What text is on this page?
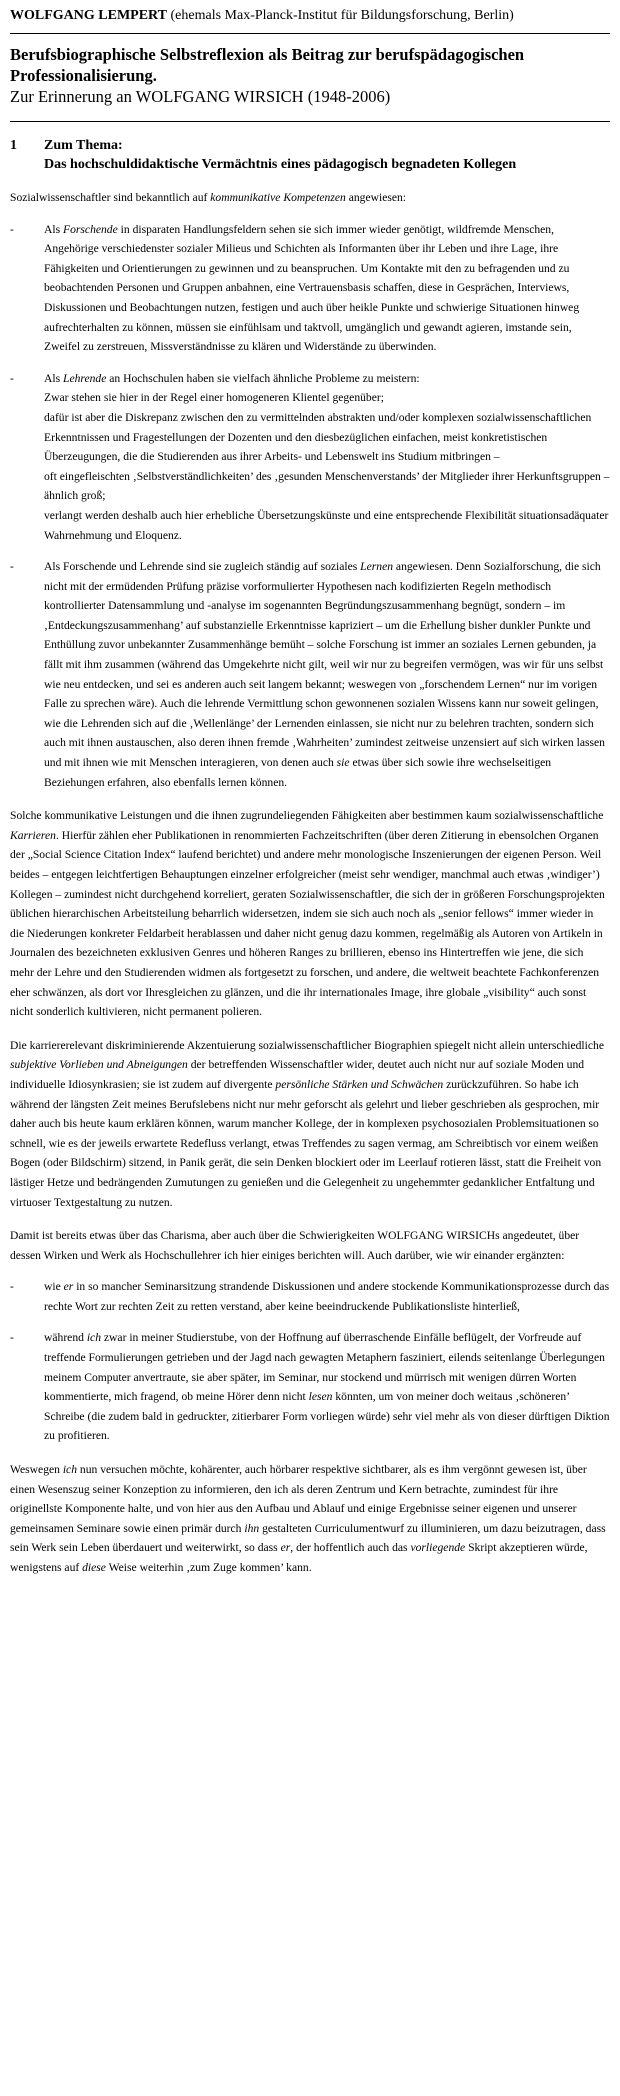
WOLFGANG LEMPERT (ehemals Max-Planck-Institut für Bildungsforschung, Berlin)
Berufsbiographische Selbstreflexion als Beitrag zur berufspädagogischen Professionalisierung.
Zur Erinnerung an WOLFGANG WIRSICH (1948-2006)
1	Zum Thema:
Das hochschuldidaktische Vermächtnis eines pädagogisch begnadeten Kollegen

Sozialwissenschaftler sind bekanntlich auf kommunikative Kompetenzen angewiesen:

-	Als Forschende in disparaten Handlungsfeldern sehen sie sich immer wieder genötigt, wildfremde Menschen, Angehörige verschiedenster sozialer Milieus und Schichten als Informanten über ihr Leben und ihre Lage, ihre Fähigkeiten und Orientierungen zu gewinnen und zu beanspruchen. Um Kontakte mit den zu befragenden und zu beobachtenden Personen und Gruppen anbahnen, eine Vertrauensbasis schaffen, diese in Gesprächen, Interviews, Diskussionen und Beobachtungen nutzen, festigen und auch über heikle Punkte und schwierige Situationen hinweg aufrechterhalten zu können, müssen sie einfühlsam und taktvoll, umgänglich und gewandt agieren, imstande sein, Zweifel zu zerstreuen, Missverständnisse zu klären und Widerstände zu überwinden.

-	Als Lehrende an Hochschulen haben sie vielfach ähnliche Probleme zu meistern:
Zwar stehen sie hier in der Regel einer homogeneren Klientel gegenüber;
dafür ist aber die Diskrepanz zwischen den zu vermittelnden abstrakten und/oder komplexen sozialwissenschaftlichen Erkenntnissen und Fragestellungen der Dozenten und den diesbezüglichen einfachen, meist konkretistischen Überzeugungen, die die Studierenden aus ihrer Arbeits- und Lebenswelt ins Studium mitbringen –
oft eingefleischten ‚Selbstverständlichkeiten’ des ‚gesunden Menschenverstands’ der Mitglieder ihrer Herkunftsgruppen – ähnlich groß;
verlangt werden deshalb auch hier erhebliche Übersetzungskünste und eine entsprechende Flexibilität situationsadäquater Wahrnehmung und Eloquenz.
-	Als Forschende und Lehrende sind sie zugleich ständig auf soziales Lernen angewiesen. Denn Sozialforschung, die sich nicht mit der ermüdenden Prüfung präzise vorformulierter Hypothesen nach kodifizierten Regeln methodisch kontrollierter Datensammlung und -analyse im sogenannten Begründungszusammenhang begnügt, sondern – im ‚Entdeckungszusammenhang’ auf substanzielle Erkenntnisse kapriziert – um die Erhellung bisher dunkler Punkte und Enthüllung zuvor unbekannter Zusammenhänge bemüht – solche Forschung ist immer an soziales Lernen gebunden, ja fällt mit ihm zusammen (während das Umgekehrte nicht gilt, weil wir nur zu begreifen vermögen, was wir für uns selbst wie neu entdecken, und sei es anderen auch seit langem bekannt; weswegen von „forschendem Lernen“ nur im vorigen Falle zu sprechen wäre). Auch die lehrende Vermittlung schon gewonnenen sozialen Wissens kann nur soweit gelingen, wie die Lehrenden sich auf die ‚Wellenlänge’ der Lernenden einlassen, sie nicht nur zu belehren trachten, sondern sich auch mit ihnen austauschen, also deren ihnen fremde ‚Wahrheiten’ zumindest zeitweise unzensiert auf sich wirken lassen und mit ihnen wie mit Menschen interagieren, von denen auch sie etwas über sich sowie ihre wechselseitigen Beziehungen erfahren, also ebenfalls lernen können.

Solche kommunikative Leistungen und die ihnen zugrundeliegenden Fähigkeiten aber bestimmen kaum sozialwissenschaftliche Karrieren. Hierfür zählen eher Publikationen in renommierten Fachzeitschriften (über deren Zitierung in ebensolchen Organen der „Social Science Citation Index“ laufend berichtet) und andere mehr monologische Inszenierungen der eigenen Person. Weil beides – entgegen leichtfertigen Behauptungen einzelner erfolgreicher (meist sehr wendiger, manchmal auch etwas ‚windiger’) Kollegen – zumindest nicht durchgehend korreliert, geraten Sozialwissenschaftler, die sich der in größeren Forschungsprojekten üblichen hierarchischen Arbeitsteilung beharrlich widersetzen, indem sie sich auch noch als „senior fellows“ immer wieder in die Niederungen konkreter Feldarbeit herablassen und daher nicht genug dazu kommen, regelmäßig als Autoren von Artikeln in Journalen des bezeichneten exklusiven Genres und höheren Ranges zu brillieren, ebenso ins Hintertreffen wie jene, die sich mehr der Lehre und den Studierenden widmen als fortgesetzt zu forschen, und andere, die weltweit beachtete Fachkonferenzen eher schwänzen, als dort vor Ihresgleichen zu glänzen, und die ihr internationales Image, ihre globale „visibility“ auch sonst nicht sonderlich kultivieren, nicht permanent polieren.

Die karriererelevant diskriminierende Akzentuierung sozialwissenschaftlicher Biographien spiegelt nicht allein unterschiedliche subjektive Vorlieben und Abneigungen der betreffenden Wissenschaftler wider, deutet auch nicht nur auf soziale Moden und individuelle Idiosynkrasien; sie ist zudem auf divergente persönliche Stärken und Schwächen zurückzuführen. So habe ich während der längsten Zeit meines Berufslebens nicht nur mehr geforscht als gelehrt und lieber geschrieben als gesprochen, mir daher auch bis heute kaum erklären können, warum mancher Kollege, der in komplexen psychosozialen Problemsituationen so schnell, wie es der jeweils erwartete Redefluss verlangt, etwas Treffendes zu sagen vermag, am Schreibtisch vor einem weißen Bogen (oder Bildschirm) sitzend, in Panik gerät, die sein Denken blockiert oder im Leerlauf rotieren lässt, statt die Freiheit von lästiger Hetze und bedrängenden Zumutungen zu genießen und die Gelegenheit zu ungehemmter gedanklicher Entfaltung und virtuoser Textgestaltung zu nutzen.

Damit ist bereits etwas über das Charisma, aber auch über die Schwierigkeiten WOLFGANG WIRSICHs angedeutet, über dessen Wirken und Werk als Hochschullehrer ich hier einiges berichten will. Auch darüber, wie wir einander ergänzten:

-	wie er in so mancher Seminarsitzung strandende Diskussionen und andere stockende Kommunikationsprozesse durch das rechte Wort zur rechten Zeit zu retten verstand, aber keine beeindruckende Publikationsliste hinterließ,

-	während ich zwar in meiner Studierstube, von der Hoffnung auf überraschende Einfälle beflügelt, der Vorfreude auf treffende Formulierungen getrieben und der Jagd nach gewagten Metaphern fasziniert, eilends seitenlange Überlegungen meinem Computer anvertraute, sie aber später, im Seminar, nur stockend und mürrisch mit wenigen dürren Worten kommentierte, mich fragend, ob meine Hörer denn nicht lesen könnten, um von meiner doch weitaus ‚schöneren’ Schreibe (die zudem bald in gedruckter, zitierbarer Form vorliegen würde) sehr viel mehr als von dieser dürftigen Diktion zu profitieren.

Weswegen ich nun versuchen möchte, kohärenter, auch hörbarer respektive sichtbarer, als es ihm vergönnt gewesen ist, über einen Wesenszug seiner Konzeption zu informieren, den ich als deren Zentrum und Kern betrachte, zumindest für ihre originellste Komponente halte, und von hier aus den Aufbau und Ablauf und einige Ergebnisse seiner eigenen und unserer gemeinsamen Seminare sowie einen primär durch ihn gestalteten Curriculumentwurf zu illuminieren, um dazu beizutragen, dass sein Werk sein Leben überdauert und weiterwirkt, so dass er, der hoffentlich auch das vorliegende Skript akzeptieren würde, wenigstens auf diese Weise weiterhin ‚zum Zuge kommen’ kann.
